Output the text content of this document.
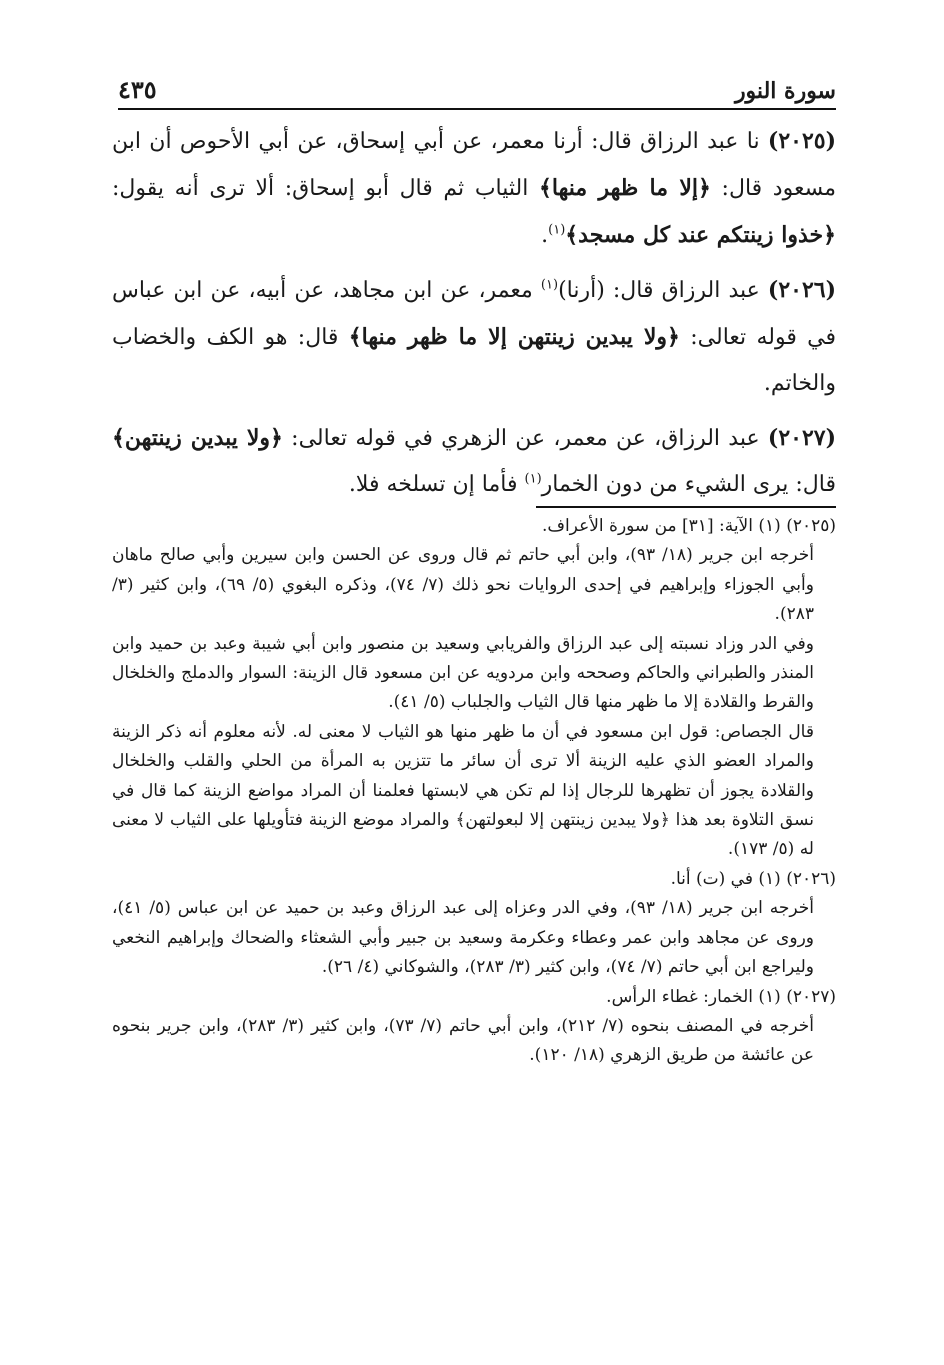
سورة النور
٤٣٥

(٢٠٢٥) نا عبد الرزاق قال: أرنا معمر، عن أبي إسحاق، عن أبي الأحوص أن ابن مسعود قال: ﴿إلا ما ظهر منها﴾ الثياب ثم قال أبو إسحاق: ألا ترى أنه يقول: ﴿خذوا زينتكم عند كل مسجد﴾$^{(١)}$.

(٢٠٢٦) عبد الرزاق قال: (أرنا)$^{(١)}$ معمر، عن ابن مجاهد، عن أبيه، عن ابن عباس في قوله تعالى: ﴿ولا يبدين زينتهن إلا ما ظهر منها﴾ قال: هو الكف والخضاب والخاتم.

(٢٠٢٧) عبد الرزاق، عن معمر، عن الزهري في قوله تعالى: ﴿ولا يبدين زينتهن﴾ قال: يرى الشيء من دون الخمار$^{(١)}$ فأما إن تسلخه فلا.

(٢٠٢٥) (١) الآية: [٣١] من سورة الأعراف.

أخرجه ابن جرير (١٨/ ٩٣)، وابن أبي حاتم ثم قال وروى عن الحسن وابن سيرين وأبي صالح ماهان وأبي الجوزاء وإبراهيم في إحدى الروايات نحو ذلك (٧/ ٧٤)، وذكره البغوي (٥/ ٦٩)، وابن كثير (٣/ ٢٨٣).

وفي الدر وزاد نسبته إلى عبد الرزاق والفريابي وسعيد بن منصور وابن أبي شيبة وعبد بن حميد وابن المنذر والطبراني والحاكم وصححه وابن مردويه عن ابن مسعود قال الزينة: السوار والدملج والخلخال والقرط والقلادة إلا ما ظهر منها قال الثياب والجلباب (٥/ ٤١).

قال الجصاص: قول ابن مسعود في أن ما ظهر منها هو الثياب لا معنى له. لأنه معلوم أنه ذكر الزينة والمراد العضو الذي عليه الزينة ألا ترى أن سائر ما تتزين به المرأة من الحلي والقلب والخلخال والقلادة يجوز أن تظهرها للرجال إذا لم تكن هي لابستها فعلمنا أن المراد مواضع الزينة كما قال في نسق التلاوة بعد هذا ﴿ولا يبدين زينتهن إلا لبعولتهن﴾ والمراد موضع الزينة فتأويلها على الثياب لا معنى له (٥/ ١٧٣).

(٢٠٢٦) (١) في (ت) أنا.

أخرجه ابن جرير (١٨/ ٩٣)، وفي الدر وعزاه إلى عبد الرزاق وعبد بن حميد عن ابن عباس (٥/ ٤١)، وروى عن مجاهد وابن عمر وعطاء وعكرمة وسعيد بن جبير وأبي الشعثاء والضحاك وإبراهيم النخعي وليراجع ابن أبي حاتم (٧/ ٧٤)، وابن كثير (٣/ ٢٨٣)، والشوكاني (٤/ ٢٦).

(٢٠٢٧) (١) الخمار: غطاء الرأس.

أخرجه في المصنف بنحوه (٧/ ٢١٢)، وابن أبي حاتم (٧/ ٧٣)، وابن كثير (٣/ ٢٨٣)، وابن جرير بنحوه عن عائشة من طريق الزهري (١٨/ ١٢٠).
